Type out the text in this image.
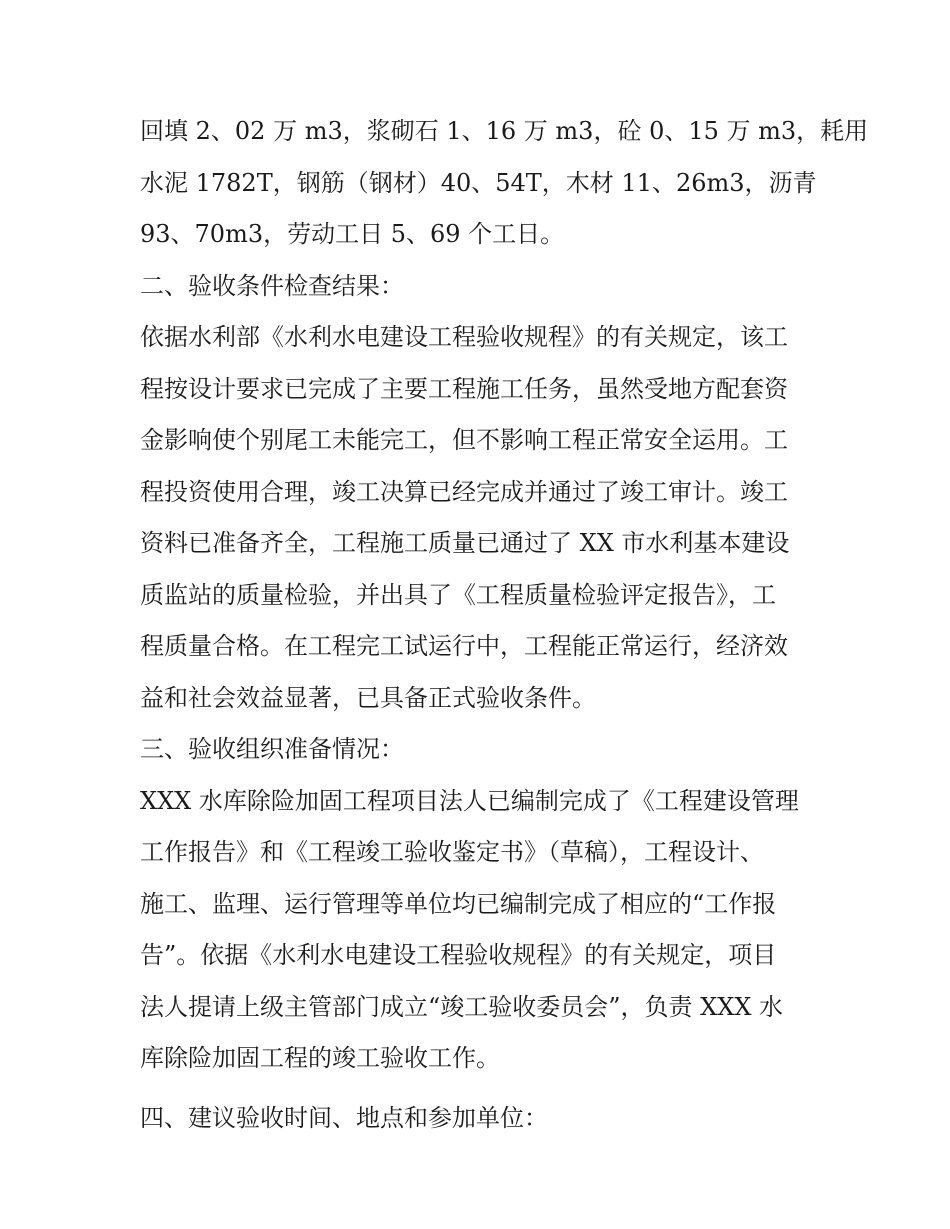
回填 2、02 万 m3，浆砌石 1、16 万 m3，砼 0、15 万 m3，耗用
水泥 1782T，钢筋（钢材）40、54T，木材 11、26m3，沥青
93、70m3，劳动工日 5、69 个工日。
二、验收条件检查结果：
依据水利部《水利水电建设工程验收规程》的有关规定，该工
程按设计要求已完成了主要工程施工任务，虽然受地方配套资
金影响使个别尾工未能完工，但不影响工程正常安全运用。工
程投资使用合理，竣工决算已经完成并通过了竣工审计。竣工
资料已准备齐全，工程施工质量已通过了 XX 市水利基本建设
质监站的质量检验，并出具了《工程质量检验评定报告》，工
程质量合格。在工程完工试运行中，工程能正常运行，经济效
益和社会效益显著，已具备正式验收条件。
三、验收组织准备情况：
XXX 水库除险加固工程项目法人已编制完成了《工程建设管理
工作报告》和《工程竣工验收鉴定书》（草稿），工程设计、
施工、监理、运行管理等单位均已编制完成了相应的“工作报
告”。依据《水利水电建设工程验收规程》的有关规定，项目
法人提请上级主管部门成立“竣工验收委员会”，负责 XXX 水
库除险加固工程的竣工验收工作。
四、建议验收时间、地点和参加单位：
